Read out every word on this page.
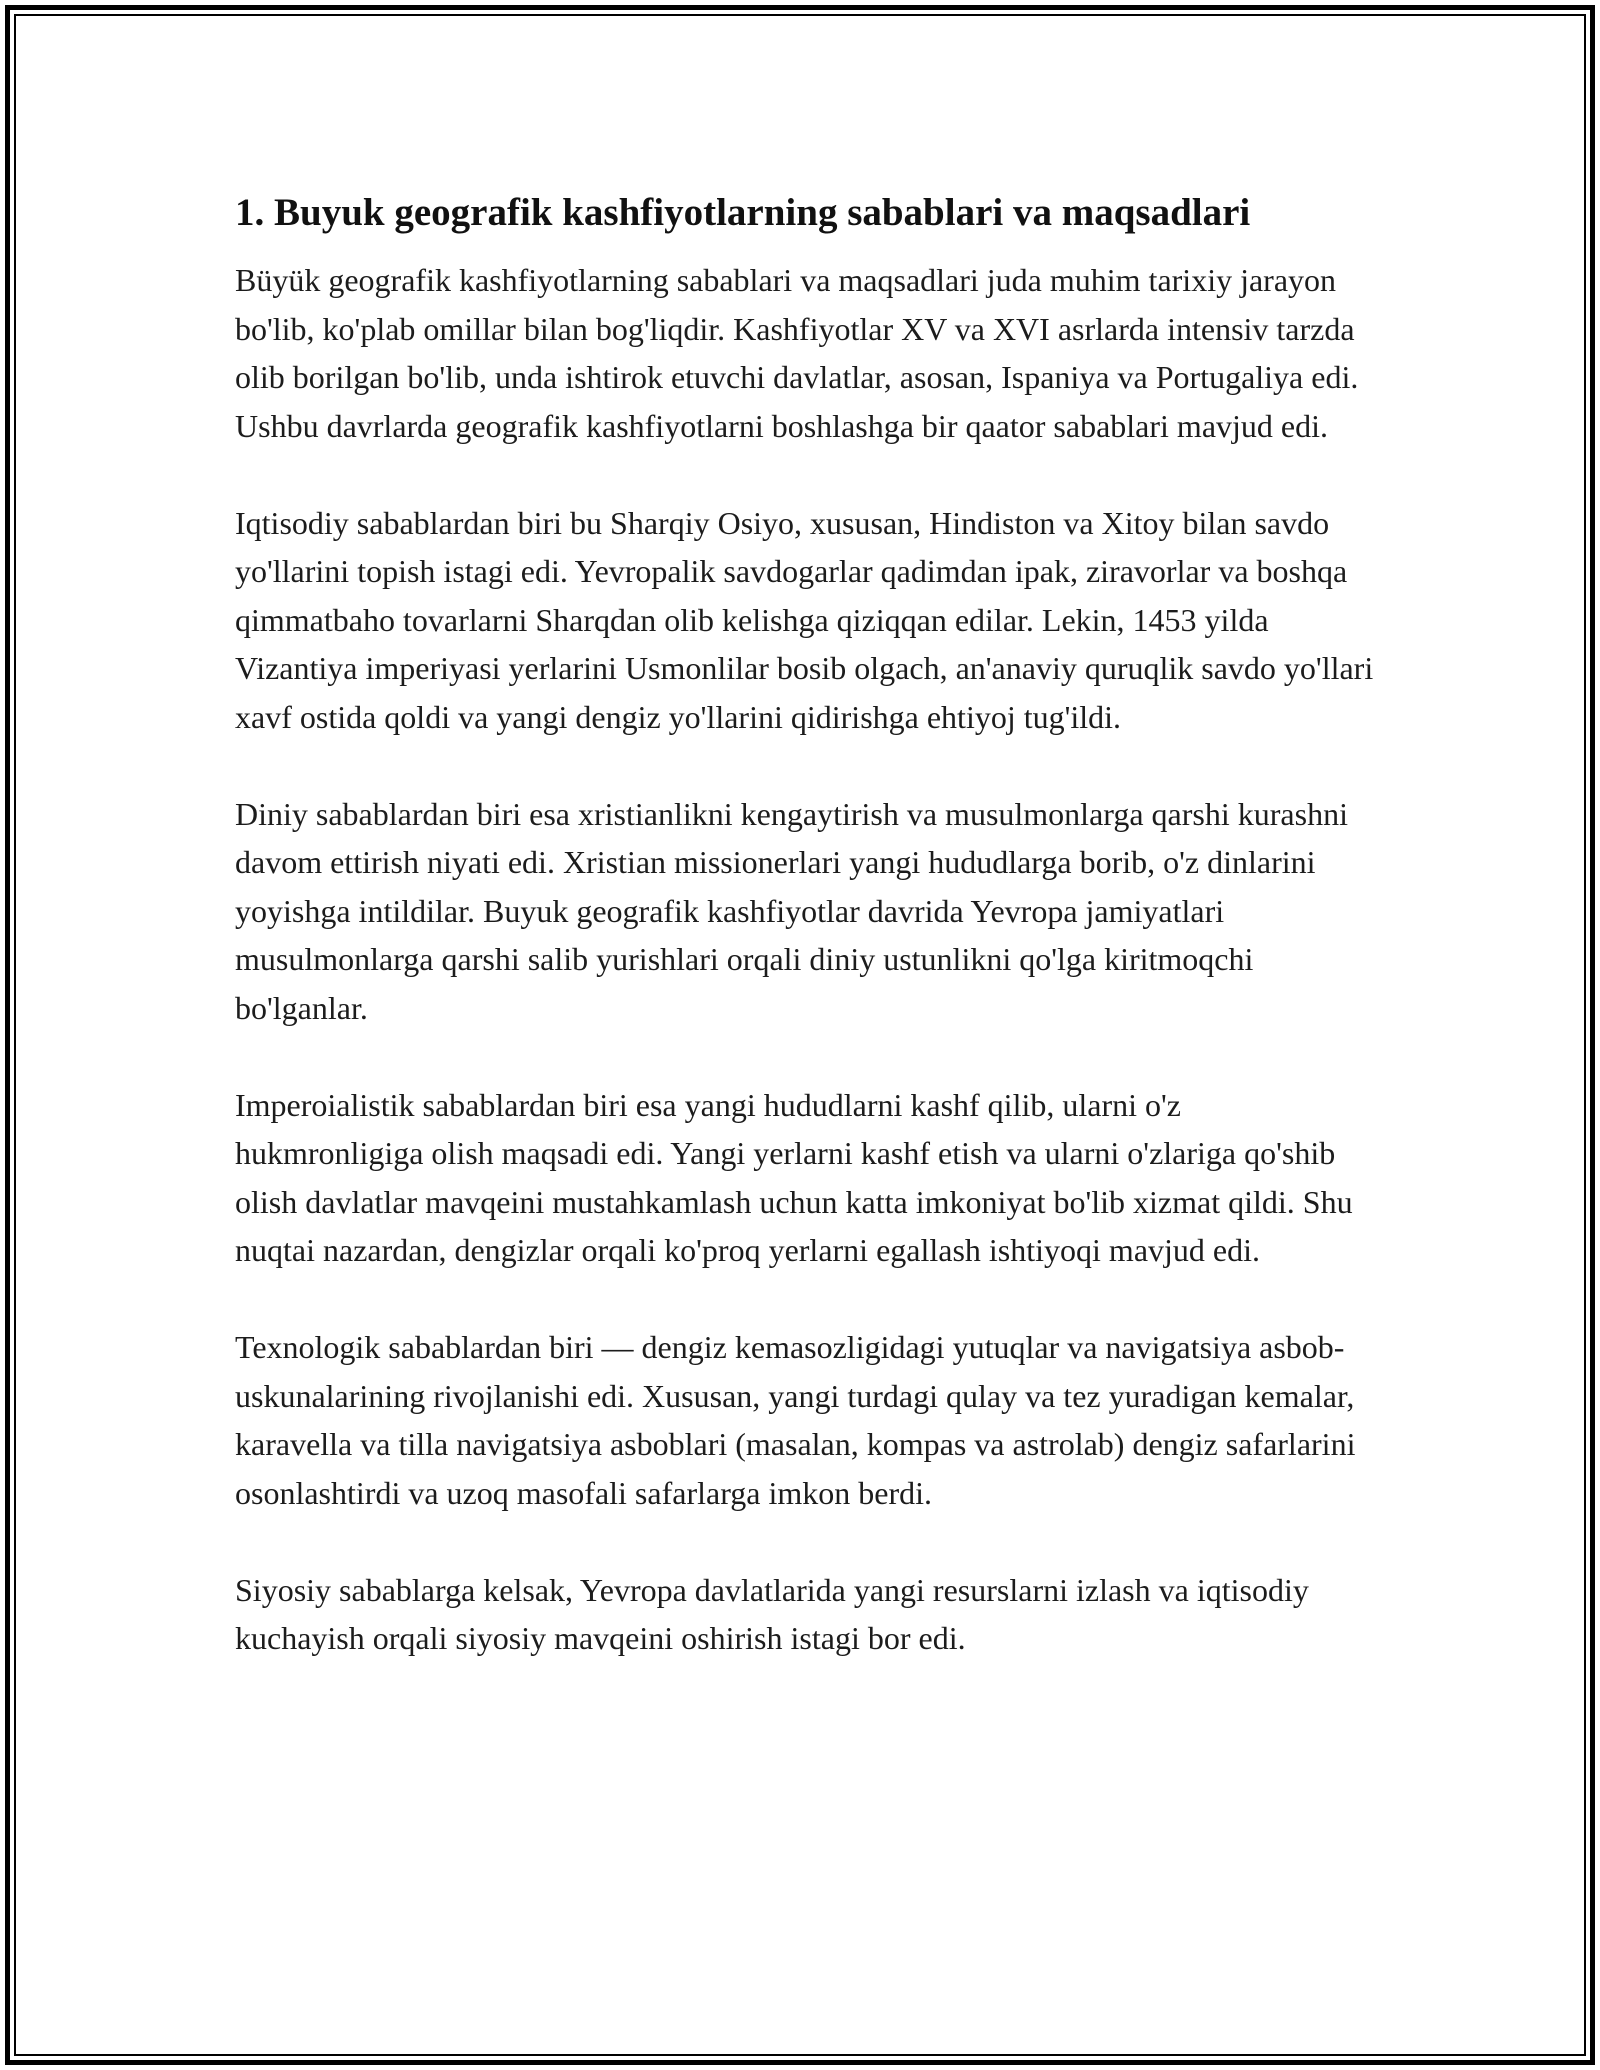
1. Buyuk geografik kashfiyotlarning sabablari va maqsadlari

Büyük geografik kashfiyotlarning sabablari va maqsadlari juda muhim tarixiy jarayon bo'lib, ko'plab omillar bilan bog'liqdir. Kashfiyotlar XV va XVI asrlarda intensiv tarzda olib borilgan bo'lib, unda ishtirok etuvchi davlatlar, asosan, Ispaniya va Portugaliya edi. Ushbu davrlarda geografik kashfiyotlarni boshlashga bir qaator sabablari mavjud edi.

Iqtisodiy sabablardan biri bu Sharqiy Osiyo, xususan, Hindiston va Xitoy bilan savdo yo'llarini topish istagi edi. Yevropalik savdogarlar qadimdan ipak, ziravorlar va boshqa qimmatbaho tovarlarni Sharqdan olib kelishga qiziqqan edilar. Lekin, 1453 yilda Vizantiya imperiyasi yerlarini Usmonlilar bosib olgach, an'anaviy quruqlik savdo yo'llari xavf ostida qoldi va yangi dengiz yo'llarini qidirishga ehtiyoj tug'ildi.

Diniy sabablardan biri esa xristianlikni kengaytirish va musulmonlarga qarshi kurashni davom ettirish niyati edi. Xristian missionerlari yangi hududlarga borib, o'z dinlarini yoyishga intildilar. Buyuk geografik kashfiyotlar davrida Yevropa jamiyatlari musulmonlarga qarshi salib yurishlari orqali diniy ustunlikni qo'lga kiritmoqchi bo'lganlar.

Imperoialistik sabablardan biri esa yangi hududlarni kashf qilib, ularni o'z hukmronligiga olish maqsadi edi. Yangi yerlarni kashf etish va ularni o'zlariga qo'shib olish davlatlar mavqeini mustahkamlash uchun katta imkoniyat bo'lib xizmat qildi. Shu nuqtai nazardan, dengizlar orqali ko'proq yerlarni egallash ishtiyoqi mavjud edi.

Texnologik sabablardan biri — dengiz kemasozligidagi yutuqlar va navigatsiya asbob-uskunalarining rivojlanishi edi. Xususan, yangi turdagi qulay va tez yuradigan kemalar, karavella va tilla navigatsiya asboblari (masalan, kompas va astrolab) dengiz safarlarini osonlashtirdi va uzoq masofali safarlarga imkon berdi.

Siyosiy sabablarga kelsak, Yevropa davlatlarida yangi resurslarni izlash va iqtisodiy kuchayish orqali siyosiy mavqeini oshirish istagi bor edi.
